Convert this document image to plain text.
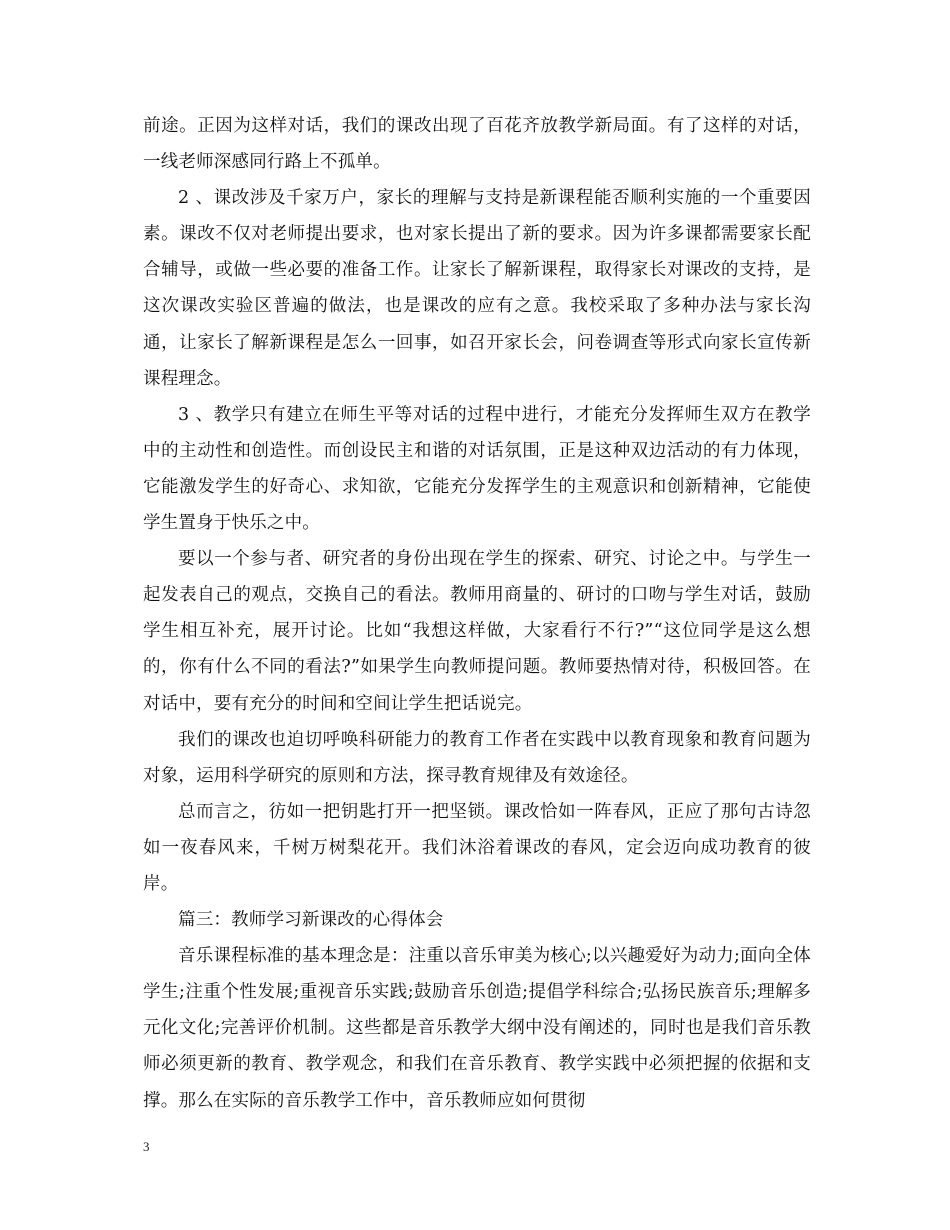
前途。正因为这样对话，我们的课改出现了百花齐放教学新局面。有了这样的对话，一线老师深感同行路上不孤单。

2 、课改涉及千家万户，家长的理解与支持是新课程能否顺利实施的一个重要因素。课改不仅对老师提出要求，也对家长提出了新的要求。因为许多课都需要家长配合辅导，或做一些必要的准备工作。让家长了解新课程，取得家长对课改的支持，是这次课改实验区普遍的做法，也是课改的应有之意。我校采取了多种办法与家长沟通，让家长了解新课程是怎么一回事，如召开家长会，问卷调查等形式向家长宣传新课程理念。

3 、教学只有建立在师生平等对话的过程中进行，才能充分发挥师生双方在教学中的主动性和创造性。而创设民主和谐的对话氛围，正是这种双边活动的有力体现，它能激发学生的好奇心、求知欲，它能充分发挥学生的主观意识和创新精神，它能使学生置身于快乐之中。

要以一个参与者、研究者的身份出现在学生的探索、研究、讨论之中。与学生一起发表自己的观点，交换自己的看法。教师用商量的、研讨的口吻与学生对话，鼓励学生相互补充，展开讨论。比如“我想这样做，大家看行不行?”“这位同学是这么想的，你有什么不同的看法?”如果学生向教师提问题。教师要热情对待，积极回答。在对话中，要有充分的时间和空间让学生把话说完。

我们的课改也迫切呼唤科研能力的教育工作者在实践中以教育现象和教育问题为对象，运用科学研究的原则和方法，探寻教育规律及有效途径。

总而言之，彷如一把钥匙打开一把坚锁。课改恰如一阵春风，正应了那句古诗忽如一夜春风来，千树万树梨花开。我们沐浴着课改的春风，定会迈向成功教育的彼岸。

篇三：教师学习新课改的心得体会

音乐课程标准的基本理念是：注重以音乐审美为核心;以兴趣爱好为动力;面向全体学生;注重个性发展;重视音乐实践;鼓励音乐创造;提倡学科综合;弘扬民族音乐;理解多元化文化;完善评价机制。这些都是音乐教学大纲中没有阐述的，同时也是我们音乐教师必须更新的教育、教学观念，和我们在音乐教育、教学实践中必须把握的依据和支撑。那么在实际的音乐教学工作中，音乐教师应如何贯彻

3
